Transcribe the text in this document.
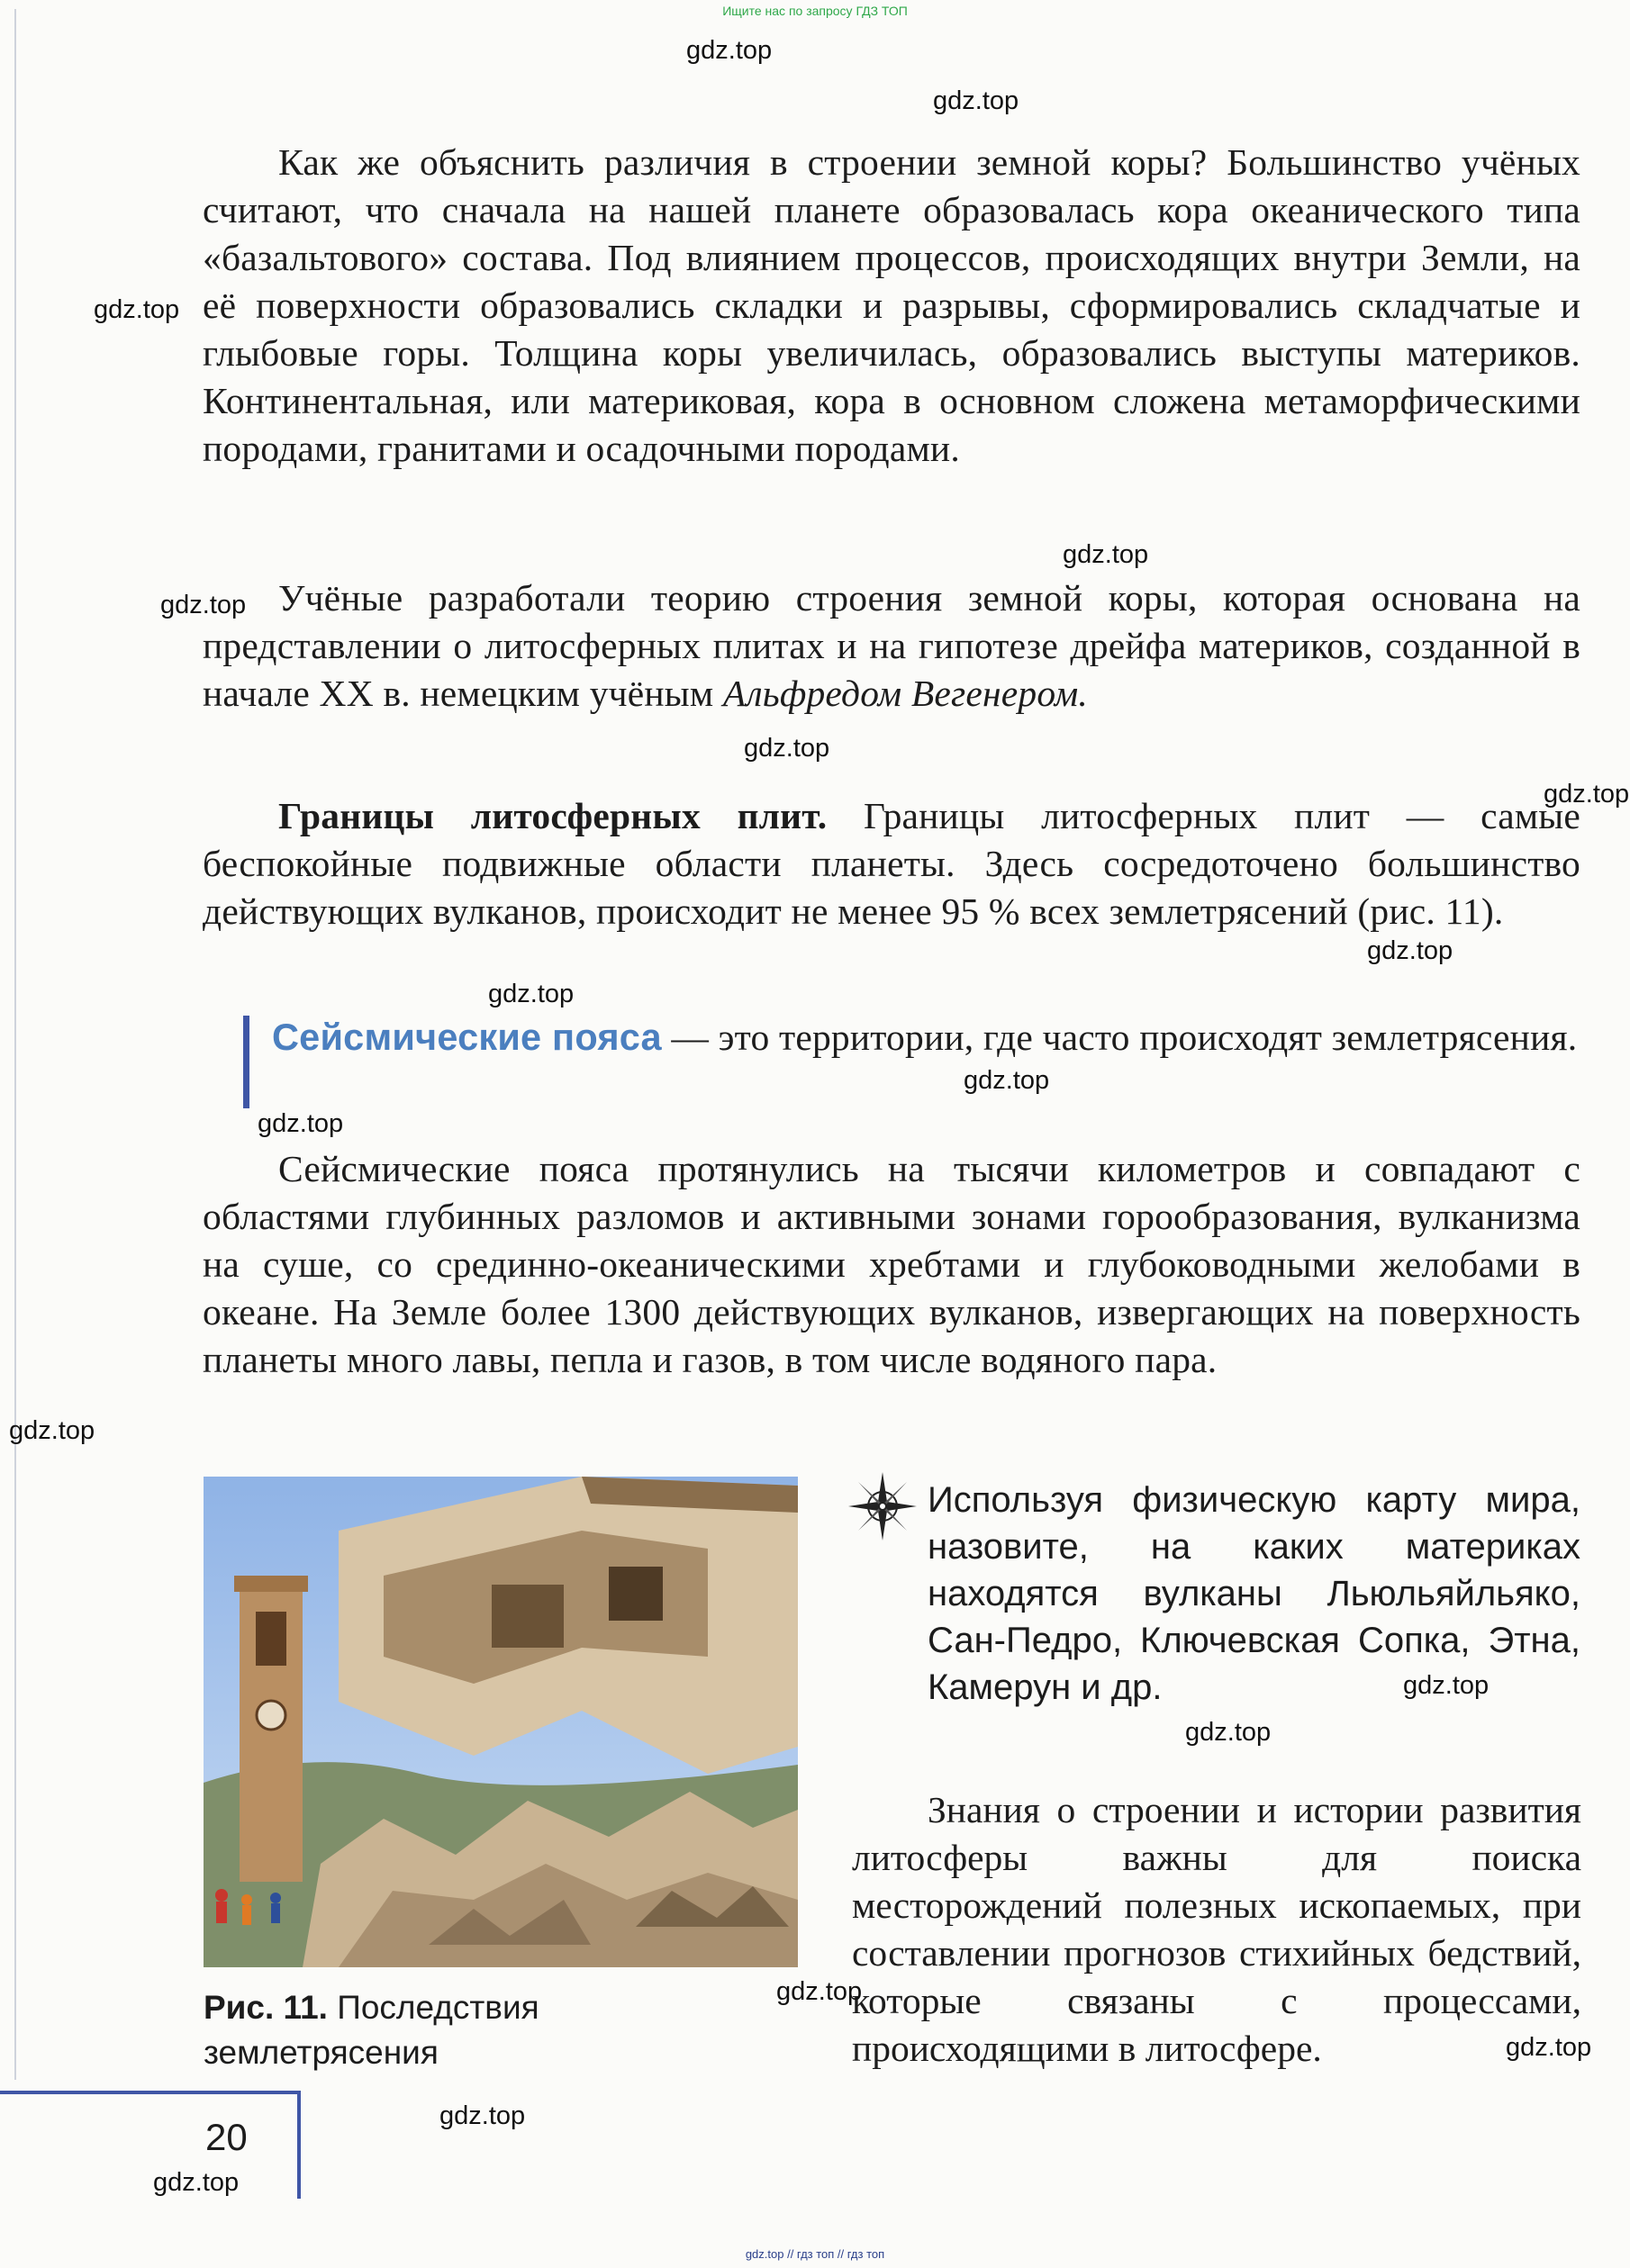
Ищите нас по запросу ГДЗ ТОП

Как же объяснить различия в строении земной коры? Большинство учёных считают, что сначала на нашей планете образовалась кора океанического типа «базальтового» состава. Под влиянием процессов, происходящих внутри Земли, на её поверхности образовались складки и разрывы, сформировались складчатые и глыбовые горы. Толщина коры увеличилась, образовались выступы материков. Континентальная, или материковая, кора в основном сложена метаморфическими породами, гранитами и осадочными породами.

Учёные разработали теорию строения земной коры, которая основана на представлении о литосферных плитах и на гипотезе дрейфа материков, созданной в начале XX в. немецким учёным Альфредом Вегенером.

Границы литосферных плит. Границы литосферных плит — самые беспокойные подвижные области планеты. Здесь сосредоточено большинство действующих вулканов, происходит не менее 95 % всех землетрясений (рис. 11).

Сейсмические пояса — это территории, где часто происходят землетрясения.

Сейсмические пояса протянулись на тысячи километров и совпадают с областями глубинных разломов и активными зонами горообразования, вулканизма на суше, со срединно-океаническими хребтами и глубоководными желобами в океане. На Земле более 1300 действующих вулканов, извергающих на поверхность планеты много лавы, пепла и газов, в том числе водяного пара.

Рис. 11. Последствия землетрясения
Используя физическую карту мира, назовите, на каких материках находятся вулканы Льюльяйльяко, Сан-Педро, Ключевская Сопка, Этна, Камерун и др.

Знания о строении и истории развития литосферы важны для поиска месторождений полезных ископаемых, при составлении прогнозов стихийных бедствий, которые связаны с процессами, происходящими в литосфере.

20
gdz.top
gdz.top
gdz.top
gdz.top
gdz.top
gdz.top
gdz.top
gdz.top
gdz.top
gdz.top
gdz.top
gdz.top
gdz.top
gdz.top
gdz.top
gdz.top
gdz.top
gdz.top
gdz.top // гдз топ // гдз топ
